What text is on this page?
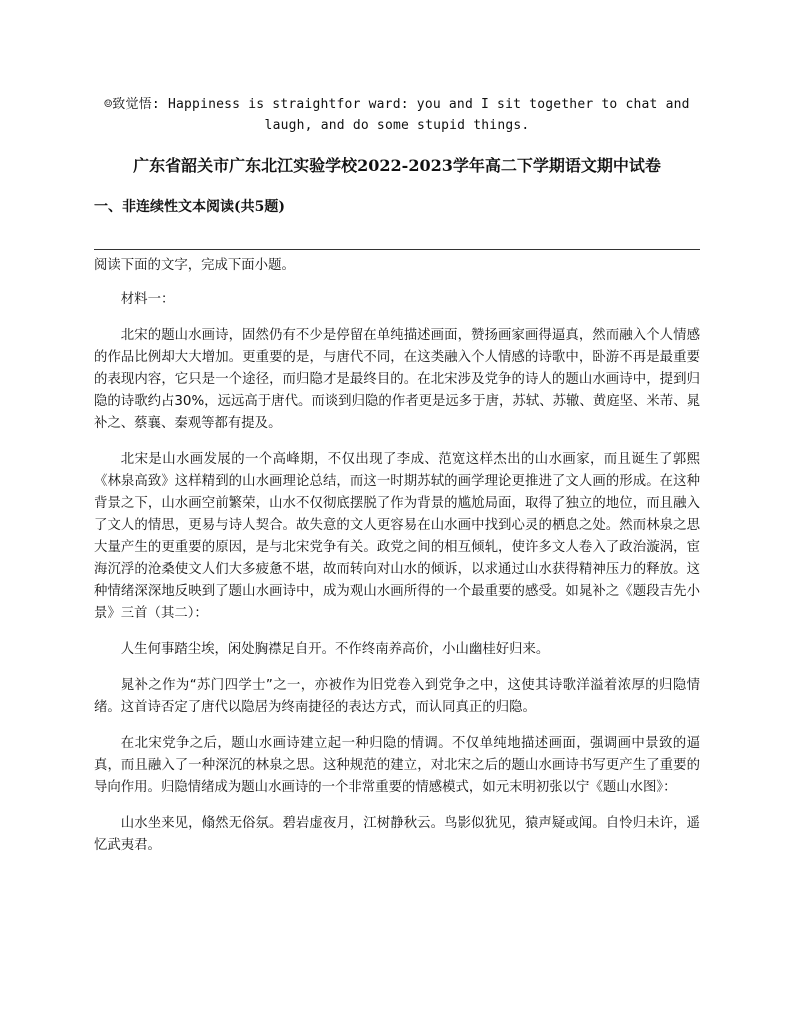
☺致觉悟: Happiness is straightfor ward: you and I sit together to chat and laugh, and do some stupid things.
广东省韶关市广东北江实验学校2022-2023学年高二下学期语文期中试卷
一、非连续性文本阅读(共5题)

阅读下面的文字，完成下面小题。

材料一：

北宋的题山水画诗，固然仍有不少是停留在单纯描述画面，赞扬画家画得逼真，然而融入个人情感的作品比例却大大增加。更重要的是，与唐代不同，在这类融入个人情感的诗歌中，卧游不再是最重要的表现内容，它只是一个途径，而归隐才是最终目的。在北宋涉及党争的诗人的题山水画诗中，提到归隐的诗歌约占30%，远远高于唐代。而谈到归隐的作者更是远多于唐，苏轼、苏辙、黄庭坚、米芾、晁补之、蔡襄、秦观等都有提及。

北宋是山水画发展的一个高峰期，不仅出现了李成、范宽这样杰出的山水画家，而且诞生了郭熙《林泉高致》这样精到的山水画理论总结，而这一时期苏轼的画学理论更推进了文人画的形成。在这种背景之下，山水画空前繁荣，山水不仅彻底摆脱了作为背景的尴尬局面，取得了独立的地位，而且融入了文人的情思，更易与诗人契合。故失意的文人更容易在山水画中找到心灵的栖息之处。然而林泉之思大量产生的更重要的原因，是与北宋党争有关。政党之间的相互倾轧，使许多文人卷入了政治漩涡，宦海沉浮的沧桑使文人们大多疲惫不堪，故而转向对山水的倾诉，以求通过山水获得精神压力的释放。这种情绪深深地反映到了题山水画诗中，成为观山水画所得的一个最重要的感受。如晁补之《题段吉先小景》三首（其二）：

人生何事踏尘埃，闲处胸襟足自开。不作终南养高价，小山幽桂好归来。

晁补之作为“苏门四学士”之一，亦被作为旧党卷入到党争之中，这使其诗歌洋溢着浓厚的归隐情绪。这首诗否定了唐代以隐居为终南捷径的表达方式，而认同真正的归隐。

在北宋党争之后，题山水画诗建立起一种归隐的情调。不仅单纯地描述画面，强调画中景致的逼真，而且融入了一种深沉的林泉之思。这种规范的建立，对北宋之后的题山水画诗书写更产生了重要的导向作用。归隐情绪成为题山水画诗的一个非常重要的情感模式，如元末明初张以宁《题山水图》：

山水坐来见，翛然无俗氛。碧岩虚夜月，江树静秋云。鸟影似犹见，猿声疑或闻。自怜归未许，遥忆武夷君。
